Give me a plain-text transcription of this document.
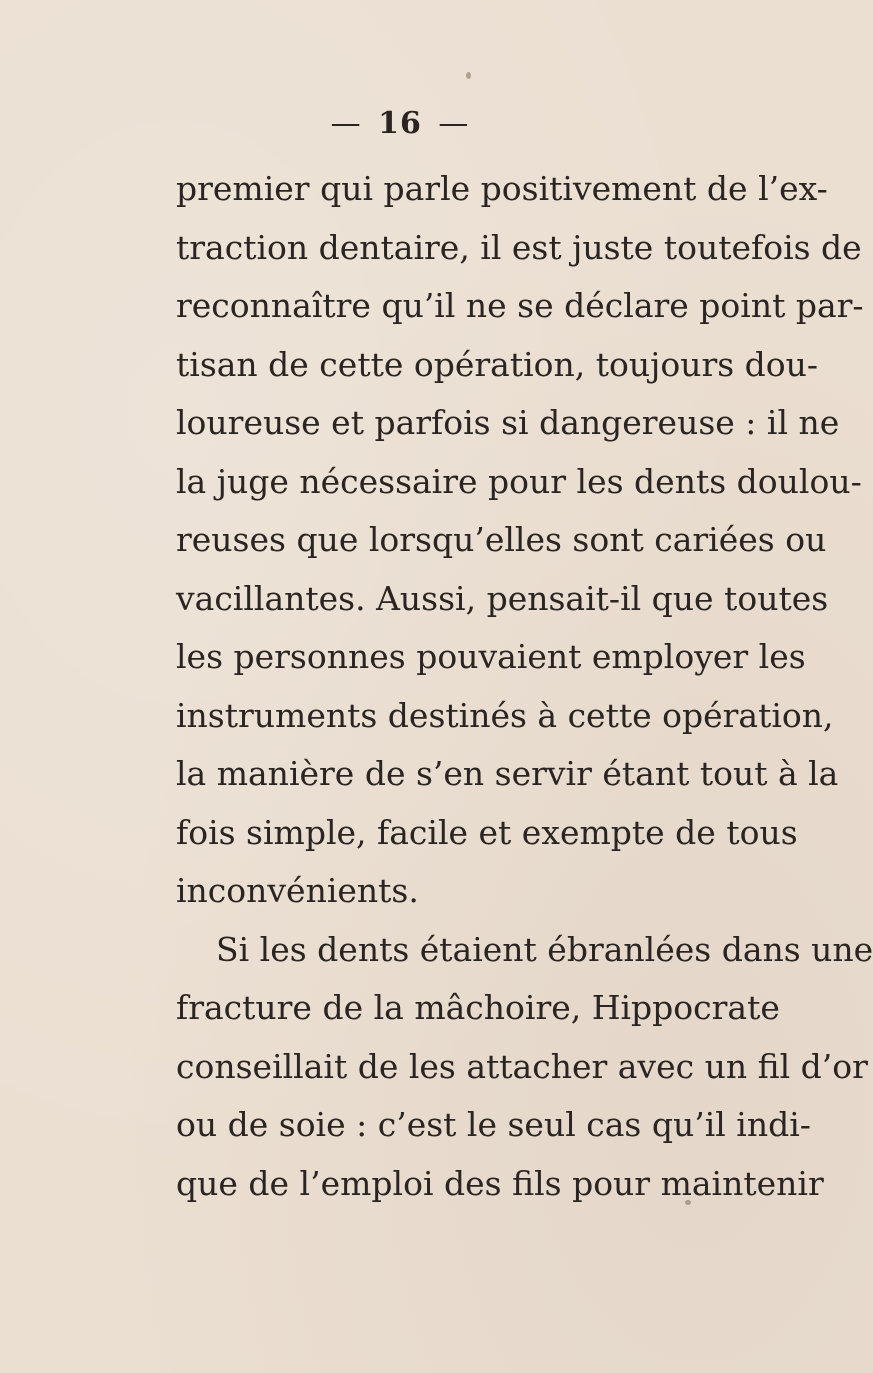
— 16 —
premier qui parle positivement de l’ex-
traction dentaire, il est juste toutefois de
reconnaître qu’il ne se déclare point par-
tisan de cette opération, toujours dou-
loureuse et parfois si dangereuse : il ne
la juge nécessaire pour les dents doulou-
reuses que lorsqu’elles sont cariées ou
vacillantes. Aussi, pensait-il que toutes
les personnes pouvaient employer les
instruments destinés à cette opération,
la manière de s’en servir étant tout à la
fois simple, facile et exempte de tous
inconvénients.
Si les dents étaient ébranlées dans une
fracture de la mâchoire, Hippocrate
conseillait de les attacher avec un fil d’or
ou de soie : c’est le seul cas qu’il indi-
que de l’emploi des fils pour maintenir
